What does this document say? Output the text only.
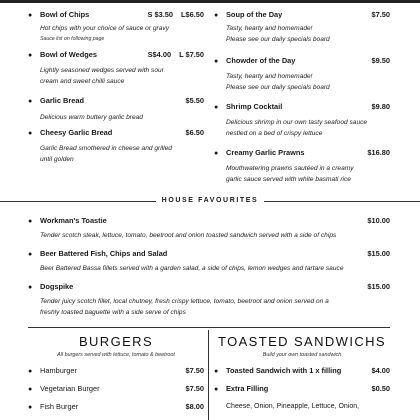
●	Bowl of Chips	S $3.50 L$6.50
Hot chips with your choice of sauce or gravy
Sauce list on following page
●	Bowl of Wedges	S$4.00 L $7.50
Lightly seasoned wedges served with sour
cream and sweet chilli sauce
●	Garlic Bread	$5.50
Delicious warm buttery garlic bread
●	Cheesy Garlic Bread	$6.50
Garlic Bread smothered in cheese and grilled
until golden
●	Soup of the Day	$7.50
Tasty, hearty and homemade!
Please see our daily specials board
●	Chowder of the Day	$9.50
Tasty, hearty and homemade!
Please see our daily specials board
●	Shrimp Cocktail	$9.80
Delicious shrimp in our own tasty seafood sauce
nestled on a bed of crispy lettuce
●	Creamy Garlic Prawns	$16.80
Mouthwatering prawns sautéed in a creamy
garlic sauce served with white basmati rice
HOUSE FAVOURITES
●	Workman's Toastie	$10.00
Tender scotch steak, lettuce, tomato, beetroot and onion toasted sandwich served with a side of chips
●	Beer Battered Fish, Chips and Salad	$15.00
Beer Battered Bassa fillets served with a garden salad, a side of chips, lemon wedges and tartare sauce
●	Dogspike	$15.00
Tender juicy scotch fillet, local chutney, fresh crispy lettuce, tomato, beetroot and onion served on a
freshly toasted baguette with a side serve of chips
BURGERS
All burgers served with lettuce, tomato & beetroot
●	Hamburger	$7.50
●	Vegetarian Burger	$7.50
●	Fish Burger	$8.00
TOASTED SANDWICHS
Build your own toasted sandwich
●	Toasted Sandwich with 1 x filling	$4.00
●	Extra Filling	$0.50
Cheese, Onion, Pineapple, Lettuce, Onion,
